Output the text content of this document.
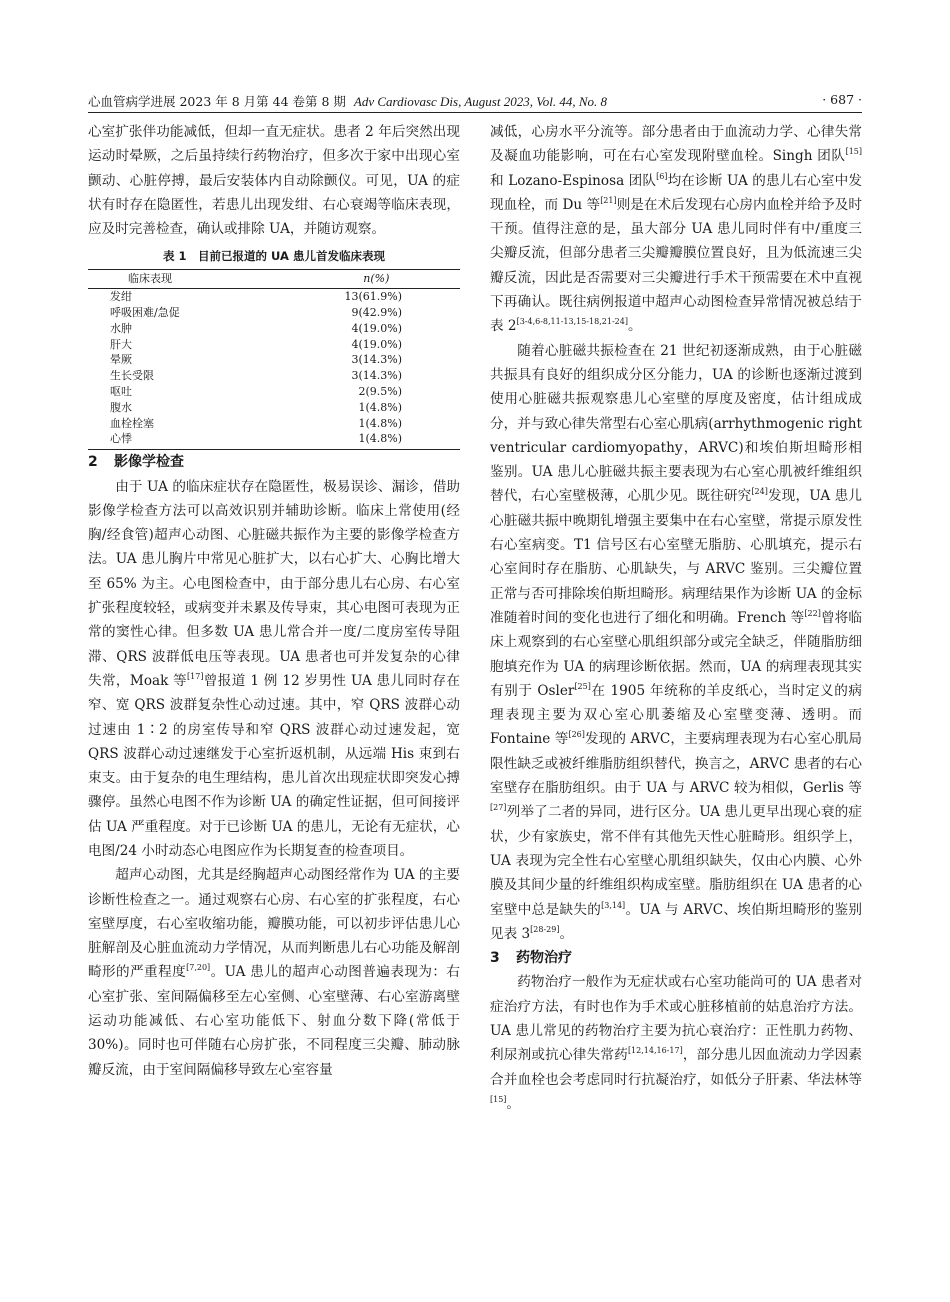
心血管病学进展 2023 年 8 月第 44 卷第 8 期 Adv Cardiovasc Dis, August 2023, Vol. 44, No. 8	· 687 ·

心室扩张伴功能减低，但却一直无症状。患者 2 年后突然出现运动时晕厥，之后虽持续行药物治疗，但多次于家中出现心室颤动、心脏停搏，最后安装体内自动除颤仪。可见，UA 的症状有时存在隐匿性，若患儿出现发绀、右心衰竭等临床表现，应及时完善检查，确认或排除 UA，并随访观察。

表 1　目前已报道的 UA 患儿首发临床表现
临床表现	n(%)
发绀	13(61.9%)
呼吸困难/急促	9(42.9%)
水肿	4(19.0%)
肝大	4(19.0%)
晕厥	3(14.3%)
生长受限	3(14.3%)
呕吐	2(9.5%)
腹水	1(4.8%)
血栓栓塞	1(4.8%)
心悸	1(4.8%)
2 影像学检查

由于 UA 的临床症状存在隐匿性，极易误诊、漏诊，借助影像学检查方法可以高效识别并辅助诊断。临床上常使用(经胸/经食管)超声心动图、心脏磁共振作为主要的影像学检查方法。UA 患儿胸片中常见心脏扩大，以右心扩大、心胸比增大至 65% 为主。心电图检查中，由于部分患儿右心房、右心室扩张程度较轻，或病变并未累及传导束，其心电图可表现为正常的窦性心律。但多数 UA 患儿常合并一度/二度房室传导阻滞、QRS 波群低电压等表现。UA 患者也可并发复杂的心律失常，Moak 等[17]曾报道 1 例 12 岁男性 UA 患儿同时存在窄、宽 QRS 波群复杂性心动过速。其中，窄 QRS 波群心动过速由 1∶2 的房室传导和窄 QRS 波群心动过速发起，宽 QRS 波群心动过速继发于心室折返机制，从远端 His 束到右束支。由于复杂的电生理结构，患儿首次出现症状即突发心搏骤停。虽然心电图不作为诊断 UA 的确定性证据，但可间接评估 UA 严重程度。对于已诊断 UA 的患儿，无论有无症状，心电图/24 小时动态心电图应作为长期复查的检查项目。

超声心动图，尤其是经胸超声心动图经常作为 UA 的主要诊断性检查之一。通过观察右心房、右心室的扩张程度，右心室壁厚度，右心室收缩功能，瓣膜功能，可以初步评估患儿心脏解剖及心脏血流动力学情况，从而判断患儿右心功能及解剖畸形的严重程度[7,20]。UA 患儿的超声心动图普遍表现为：右心室扩张、室间隔偏移至左心室侧、心室壁薄、右心室游离壁运动功能减低、右心室功能低下、射血分数下降(常低于 30%)。同时也可伴随右心房扩张，不同程度三尖瓣、肺动脉瓣反流，由于室间隔偏移导致左心室容量

减低，心房水平分流等。部分患者由于血流动力学、心律失常及凝血功能影响，可在右心室发现附壁血栓。Singh 团队[15]和 Lozano-Espinosa 团队[6]均在诊断 UA 的患儿右心室中发现血栓，而 Du 等[21]则是在术后发现右心房内血栓并给予及时干预。值得注意的是，虽大部分 UA 患儿同时伴有中/重度三尖瓣反流，但部分患者三尖瓣瓣膜位置良好，且为低流速三尖瓣反流，因此是否需要对三尖瓣进行手术干预需要在术中直视下再确认。既往病例报道中超声心动图检查异常情况被总结于表 2[3-4,6-8,11-13,15-18,21-24]。

随着心脏磁共振检查在 21 世纪初逐渐成熟，由于心脏磁共振具有良好的组织成分区分能力，UA 的诊断也逐渐过渡到使用心脏磁共振观察患儿心室壁的厚度及密度，估计组成成分，并与致心律失常型右心室心肌病(arrhythmogenic right ventricular cardiomyopathy，ARVC)和埃伯斯坦畸形相鉴别。UA 患儿心脏磁共振主要表现为右心室心肌被纤维组织替代，右心室壁极薄，心肌少见。既往研究[24]发现，UA 患儿心脏磁共振中晚期钆增强主要集中在右心室壁，常提示原发性右心室病变。T1 信号区右心室壁无脂肪、心肌填充，提示右心室间时存在脂肪、心肌缺失，与 ARVC 鉴别。三尖瓣位置正常与否可排除埃伯斯坦畸形。病理结果作为诊断 UA 的金标准随着时间的变化也进行了细化和明确。French 等[22]曾将临床上观察到的右心室壁心肌组织部分或完全缺乏，伴随脂肪细胞填充作为 UA 的病理诊断依据。然而，UA 的病理表现其实有别于 Osler[25]在 1905 年统称的羊皮纸心，当时定义的病理表现主要为双心室心肌萎缩及心室壁变薄、透明。而 Fontaine 等[26]发现的 ARVC，主要病理表现为右心室心肌局限性缺乏或被纤维脂肪组织替代，换言之，ARVC 患者的右心室壁存在脂肪组织。由于 UA 与 ARVC 较为相似，Gerlis 等[27]列举了二者的异同，进行区分。UA 患儿更早出现心衰的症状，少有家族史，常不伴有其他先天性心脏畸形。组织学上，UA 表现为完全性右心室壁心肌组织缺失，仅由心内膜、心外膜及其间少量的纤维组织构成室壁。脂肪组织在 UA 患者的心室壁中总是缺失的[3,14]。UA 与 ARVC、埃伯斯坦畸形的鉴别见表 3[28-29]。

3 药物治疗

药物治疗一般作为无症状或右心室功能尚可的 UA 患者对症治疗方法，有时也作为手术或心脏移植前的姑息治疗方法。UA 患儿常见的药物治疗主要为抗心衰治疗：正性肌力药物、利尿剂或抗心律失常药[12,14,16-17]，部分患儿因血流动力学因素合并血栓也会考虑同时行抗凝治疗，如低分子肝素、华法林等[15]。
